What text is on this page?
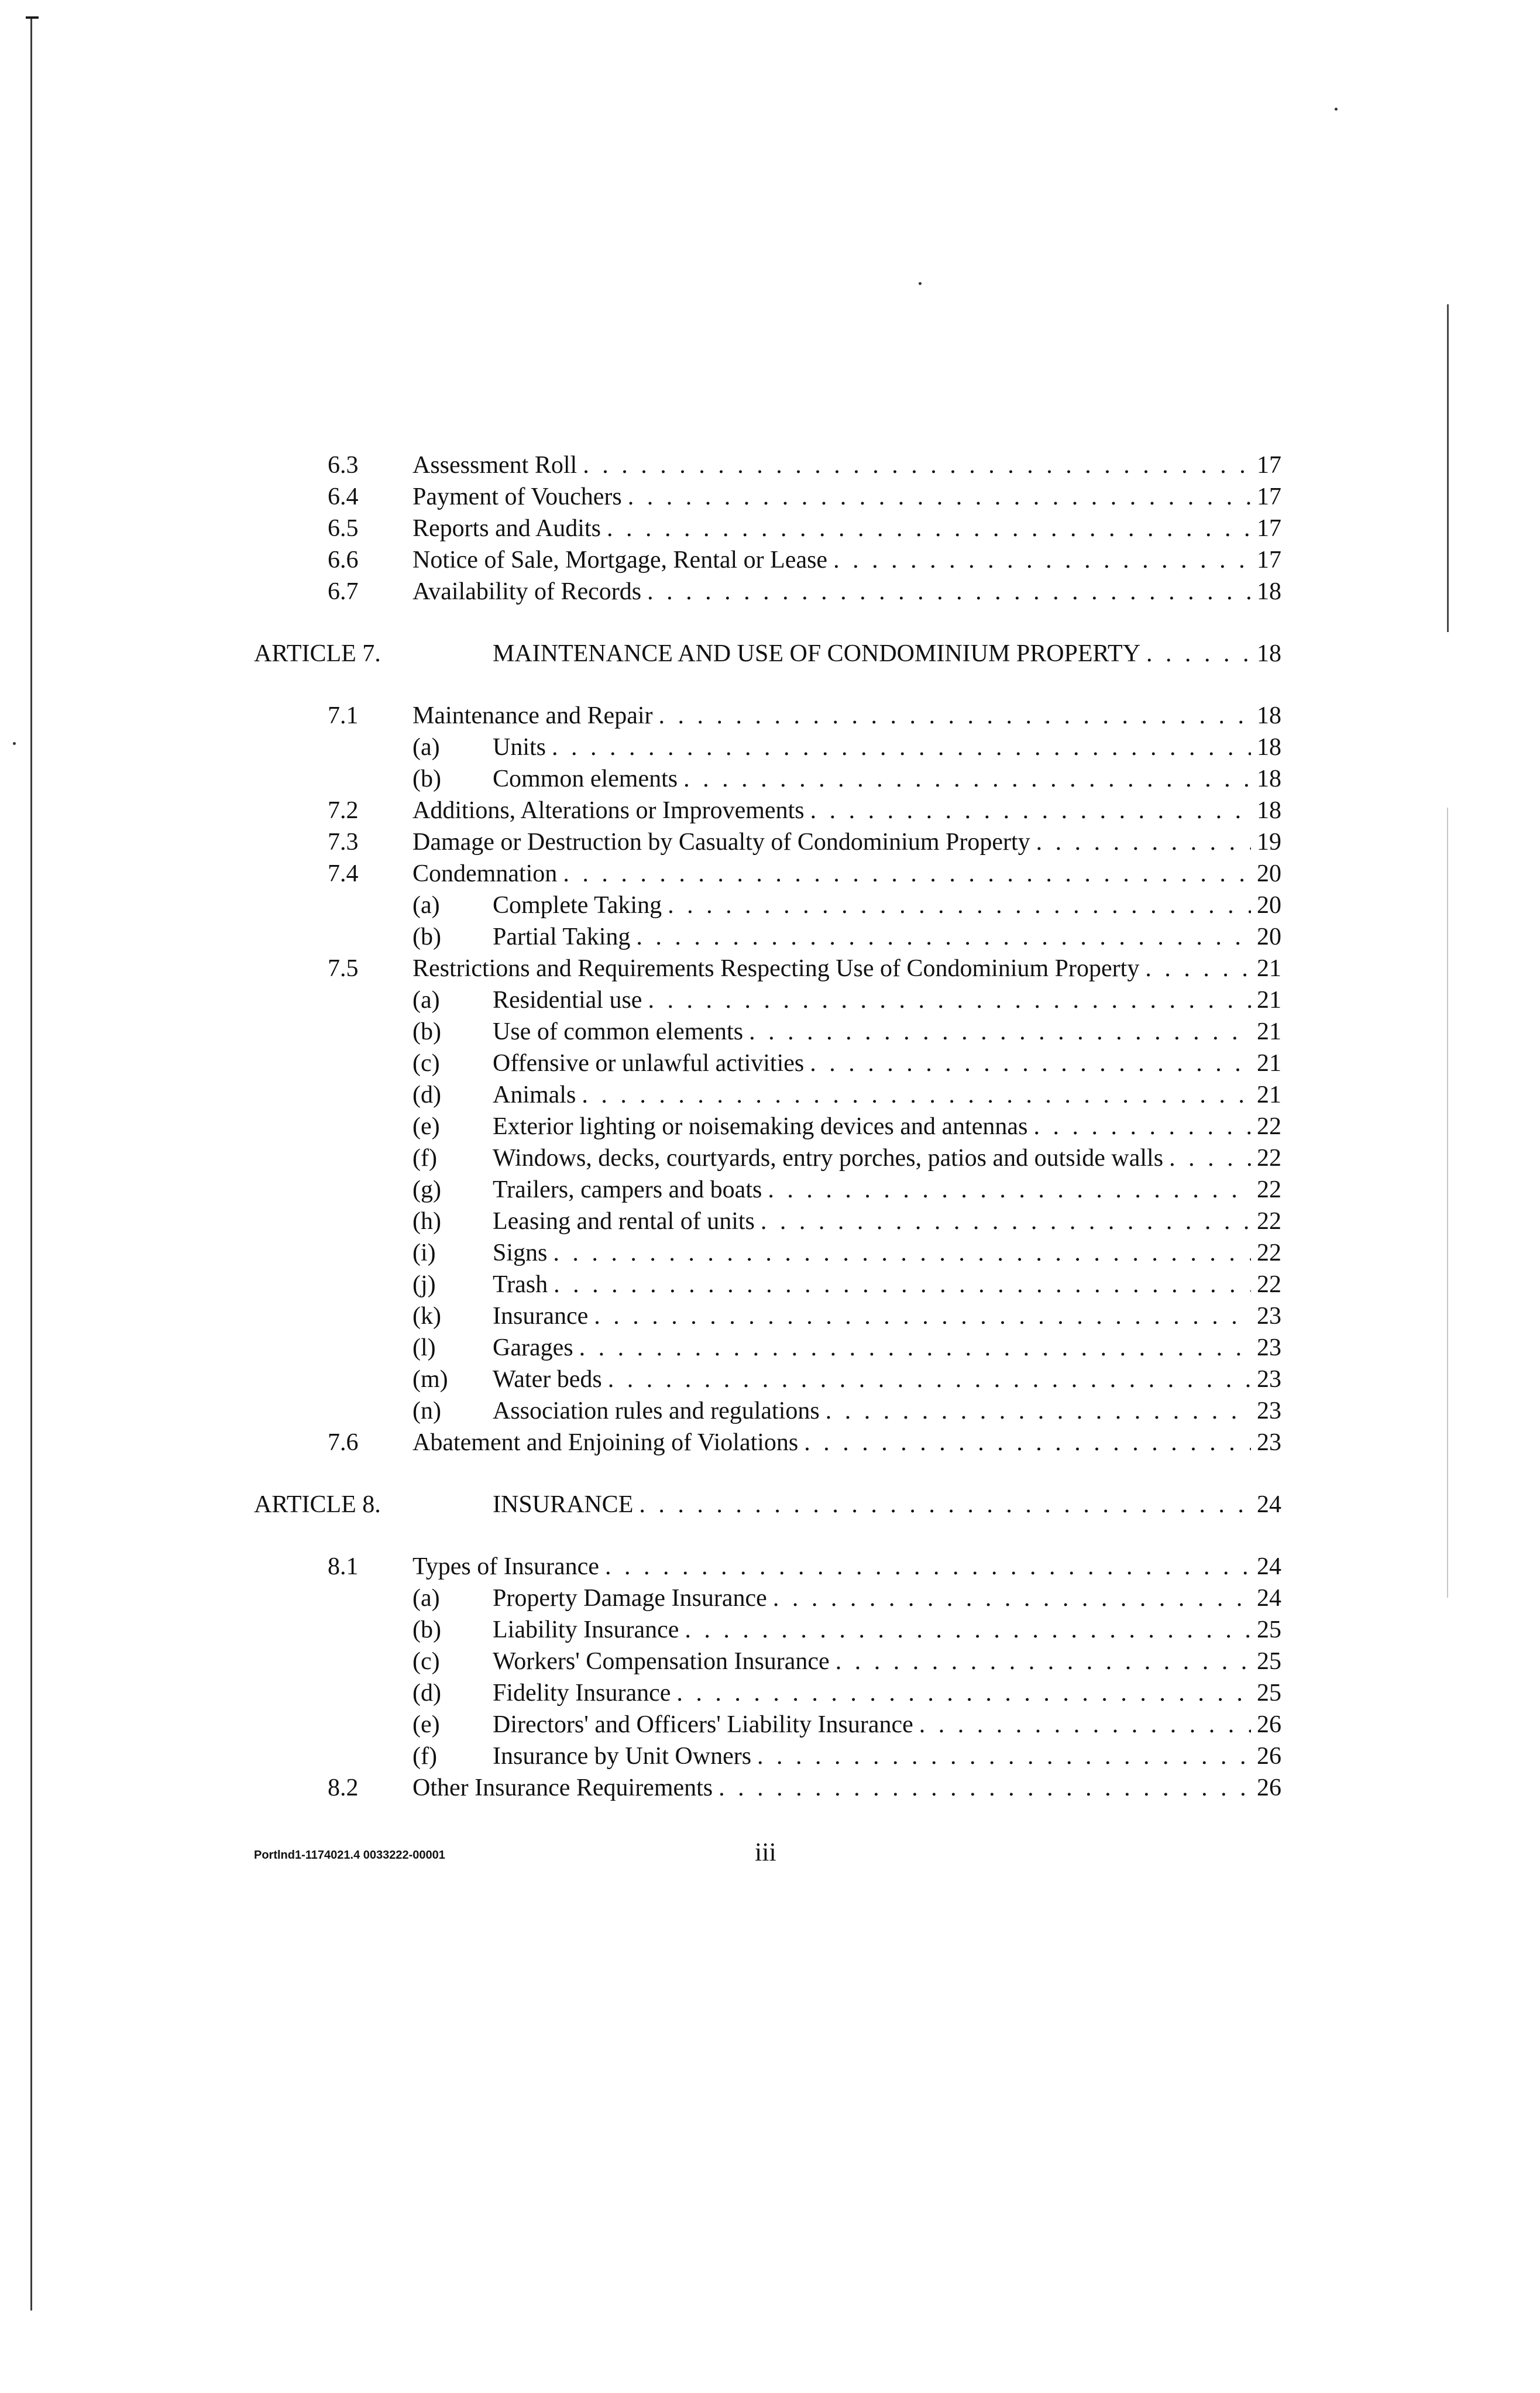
6.3 Assessment Roll . . .	17
6.4 Payment of Vouchers . . .	17
6.5 Reports and Audits . . .	17
6.6 Notice of Sale, Mortgage, Rental or Lease . . .	17
6.7 Availability of Records . . .	18
ARTICLE 7.	MAINTENANCE AND USE OF CONDOMINIUM PROPERTY . . .	18
7.1 Maintenance and Repair . . .	18
(a) Units . . .	18
(b) Common elements . . .	18
7.2 Additions, Alterations or Improvements . . .	18
7.3 Damage or Destruction by Casualty of Condominium Property . . .	19
7.4 Condemnation . . .	20
(a) Complete Taking . . .	20
(b) Partial Taking . . .	20
7.5 Restrictions and Requirements Respecting Use of Condominium Property . . .	21
(a) Residential use . . .	21
(b) Use of common elements . . .	21
(c) Offensive or unlawful activities . . .	21
(d) Animals . . .	21
(e) Exterior lighting or noisemaking devices and antennas . . .	22
(f) Windows, decks, courtyards, entry porches, patios and outside walls . . .	22
(g) Trailers, campers and boats . . .	22
(h) Leasing and rental of units . . .	22
(i) Signs . . .	22
(j) Trash . . .	22
(k) Insurance . . .	23
(l) Garages . . .	23
(m) Water beds . . .	23
(n) Association rules and regulations . . .	23
7.6 Abatement and Enjoining of Violations . . .	23
ARTICLE 8.	INSURANCE . . .	24
8.1 Types of Insurance . . .	24
(a) Property Damage Insurance . . .	24
(b) Liability Insurance . . .	25
(c) Workers' Compensation Insurance . . .	25
(d) Fidelity Insurance . . .	25
(e) Directors' and Officers' Liability Insurance . . .	26
(f) Insurance by Unit Owners . . .	26
8.2 Other Insurance Requirements . . .	26
Portlnd1-1174021.4 0033222-00001	iii
